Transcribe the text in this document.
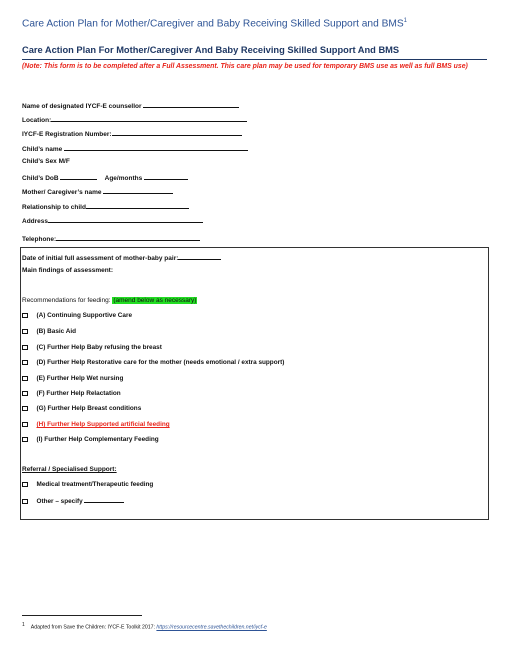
Care Action Plan for Mother/Caregiver and Baby Receiving Skilled Support and BMS$^1$
Care Action Plan For Mother/Caregiver And Baby Receiving Skilled Support And BMS
(Note: This form is to be completed after a Full Assessment. This care plan may be used for temporary BMS use as well as full BMS use)
Name of designated IYCF-E counsellor
Location:
IYCF-E Registration Number:
Child’s name
Child’s Sex M/F
Child’s DoB	Age/months
Mother/ Caregiver’s name
Relationship to child
Address
Telephone:
Date of initial full assessment of mother-baby pair:
Main findings of assessment:
Recommendations for feeding: (amend below as necessary)
(A) Continuing Supportive Care
(B) Basic Aid
(C) Further Help Baby refusing the breast
(D) Further Help Restorative care for the mother (needs emotional / extra support)
(E) Further Help Wet nursing
(F) Further Help Relactation
(G) Further Help Breast conditions
(H) Further Help Supported artificial feeding
(I) Further Help Complementary Feeding
Referral / Specialised Support:
Medical treatment/Therapeutic feeding
Other – specify
1 Adapted from Save the Children: IYCF-E Toolkit 2017: https://resourcecentre.savethechildren.net/iycf-e
